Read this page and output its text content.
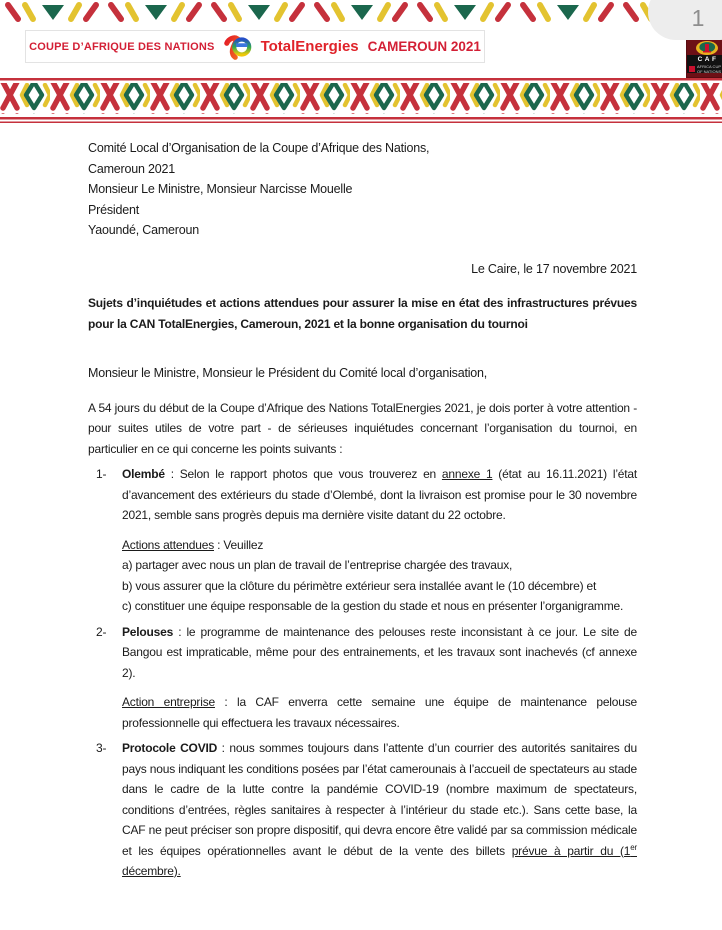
COUPE D’AFRIQUE DES NATIONS	TotalEnergies CAMEROUN 2021
1
CAF
AFRICA CUP OF NATIONS
Comité Local d’Organisation de la Coupe d’Afrique des Nations,
Cameroun 2021
Monsieur Le Ministre, Monsieur Narcisse Mouelle
Président
Yaoundé, Cameroun
Le Caire, le 17 novembre 2021
Sujets d’inquiétudes et actions attendues pour assurer la mise en état des infrastructures prévues pour la CAN TotalEnergies, Cameroun, 2021 et la bonne organisation du tournoi
Monsieur le Ministre, Monsieur le Président du Comité local d’organisation,
A 54 jours du début de la Coupe d’Afrique des Nations TotalEnergies 2021, je dois porter à votre attention - pour suites utiles de votre part - de sérieuses inquiétudes concernant l’organisation du tournoi, en particulier en ce qui concerne les points suivants :
1- Olembé : Selon le rapport photos que vous trouverez en annexe 1 (état au 16.11.2021) l’état d’avancement des extérieurs du stade d’Olembé, dont la livraison est promise pour le 30 novembre 2021, semble sans progrès depuis ma dernière visite datant du 22 octobre.
Actions attendues : Veuillez
a) partager avec nous un plan de travail de l’entreprise chargée des travaux,
b) vous assurer que la clôture du périmètre extérieur sera installée avant le (10 décembre) et
c) constituer une équipe responsable de la gestion du stade et nous en présenter l’organigramme.
2- Pelouses : le programme de maintenance des pelouses reste inconsistant à ce jour. Le site de Bangou est impraticable, même pour des entrainements, et les travaux sont inachevés (cf annexe 2).
Action entreprise : la CAF enverra cette semaine une équipe de maintenance pelouse professionnelle qui effectuera les travaux nécessaires.
3- Protocole COVID : nous sommes toujours dans l’attente d’un courrier des autorités sanitaires du pays nous indiquant les conditions posées par l’état camerounais à l’accueil de spectateurs au stade dans le cadre de la lutte contre la pandémie COVID-19 (nombre maximum de spectateurs, conditions d’entrées, règles sanitaires à respecter à l’intérieur du stade etc.). Sans cette base, la CAF ne peut préciser son propre dispositif, qui devra encore être validé par sa commission médicale et les équipes opérationnelles avant le début de la vente des billets prévue à partir du (1er décembre).
